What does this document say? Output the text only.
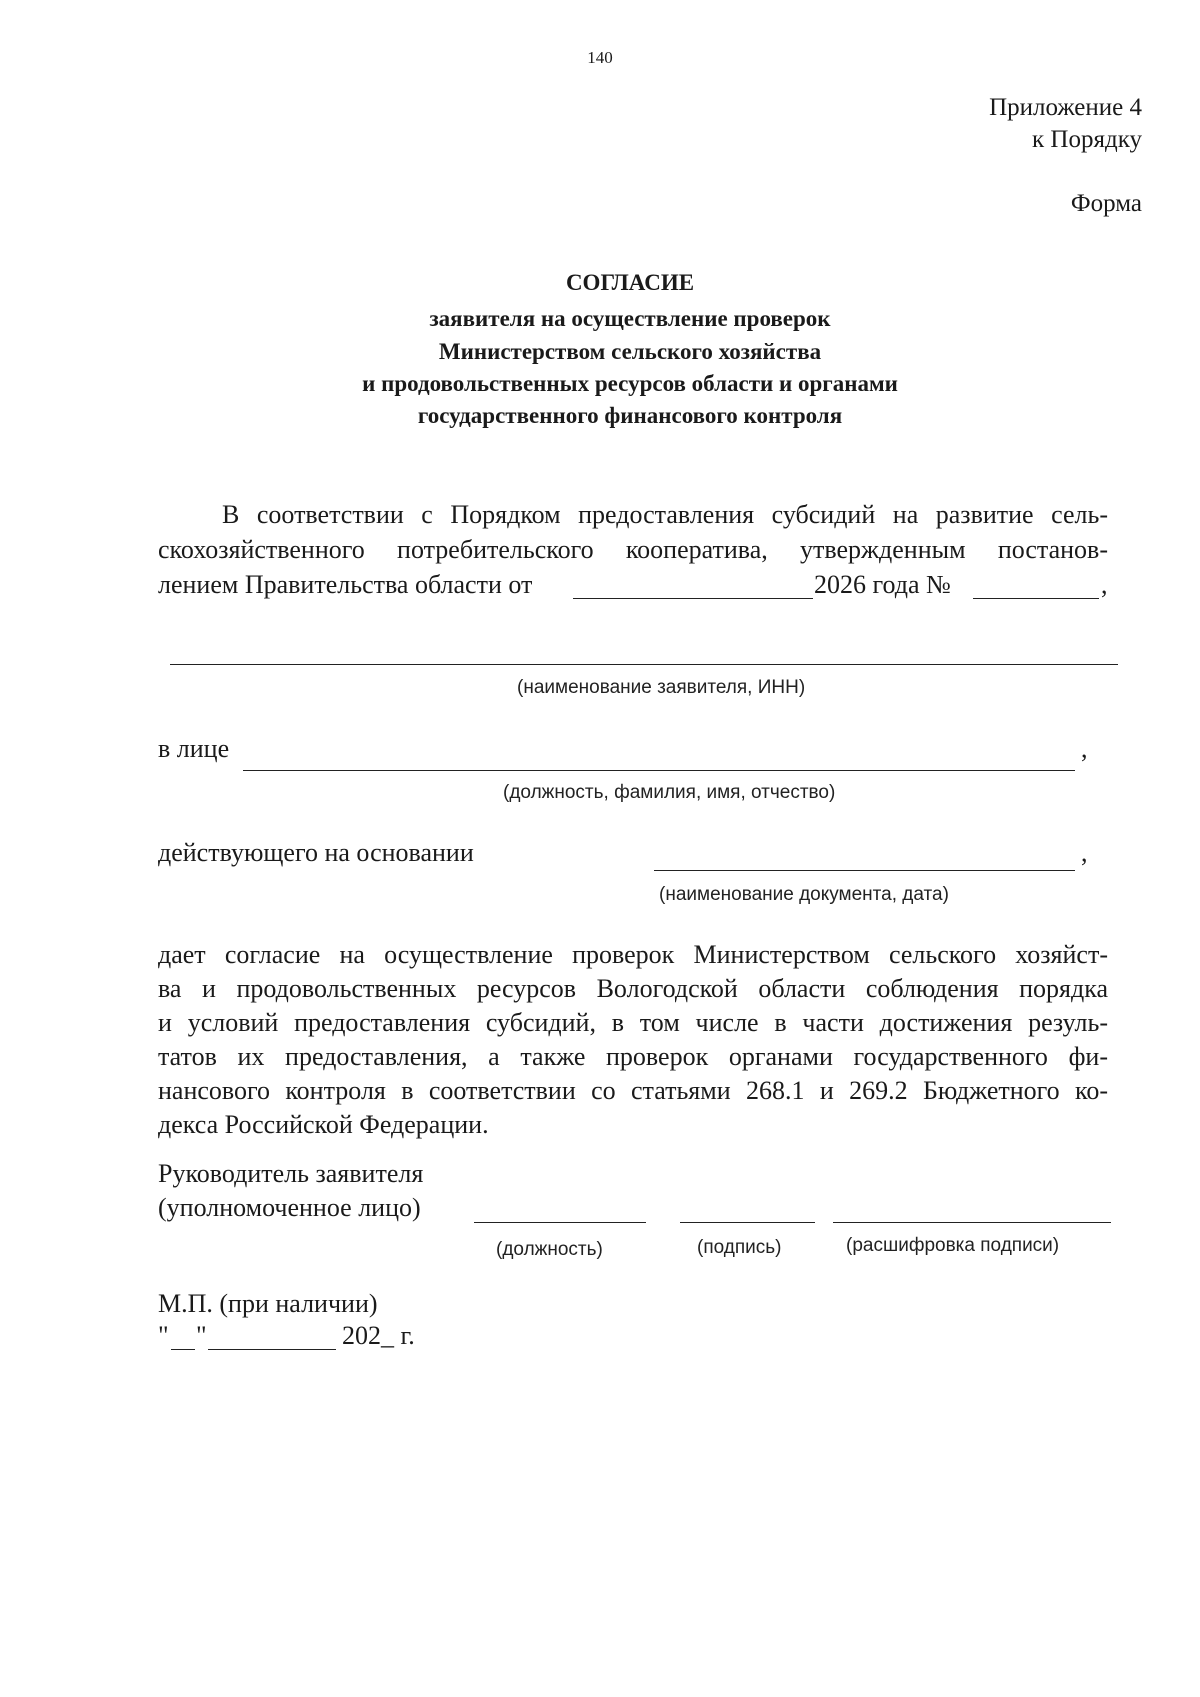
140
Приложение 4
к Порядку
Форма
СОГЛАСИЕ
заявителя на осуществление проверок
Министерством сельского хозяйства
и продовольственных ресурсов области и органами
государственного финансового контроля
В соответствии с Порядком предоставления субсидий на развитие сель-
скохозяйственного потребительского кооператива, утвержденным постанов-
лением Правительства области от	2026 года №	,
(наименование заявителя, ИНН)
в лице	,
(должность, фамилия, имя, отчество)
действующего на основании	,
(наименование документа, дата)
дает согласие на осуществление проверок Министерством сельского хозяйст-
ва и продовольственных ресурсов Вологодской области соблюдения порядка
и условий предоставления субсидий, в том числе в части достижения резуль-
татов их предоставления, а также проверок органами государственного фи-
нансового контроля в соответствии со статьями 268.1 и 269.2 Бюджетного ко-
декса Российской Федерации.
Руководитель заявителя
(уполномоченное лицо)
(должность)	(подпись)	(расшифровка подписи)
М.П. (при наличии)
" "	202_ г.
